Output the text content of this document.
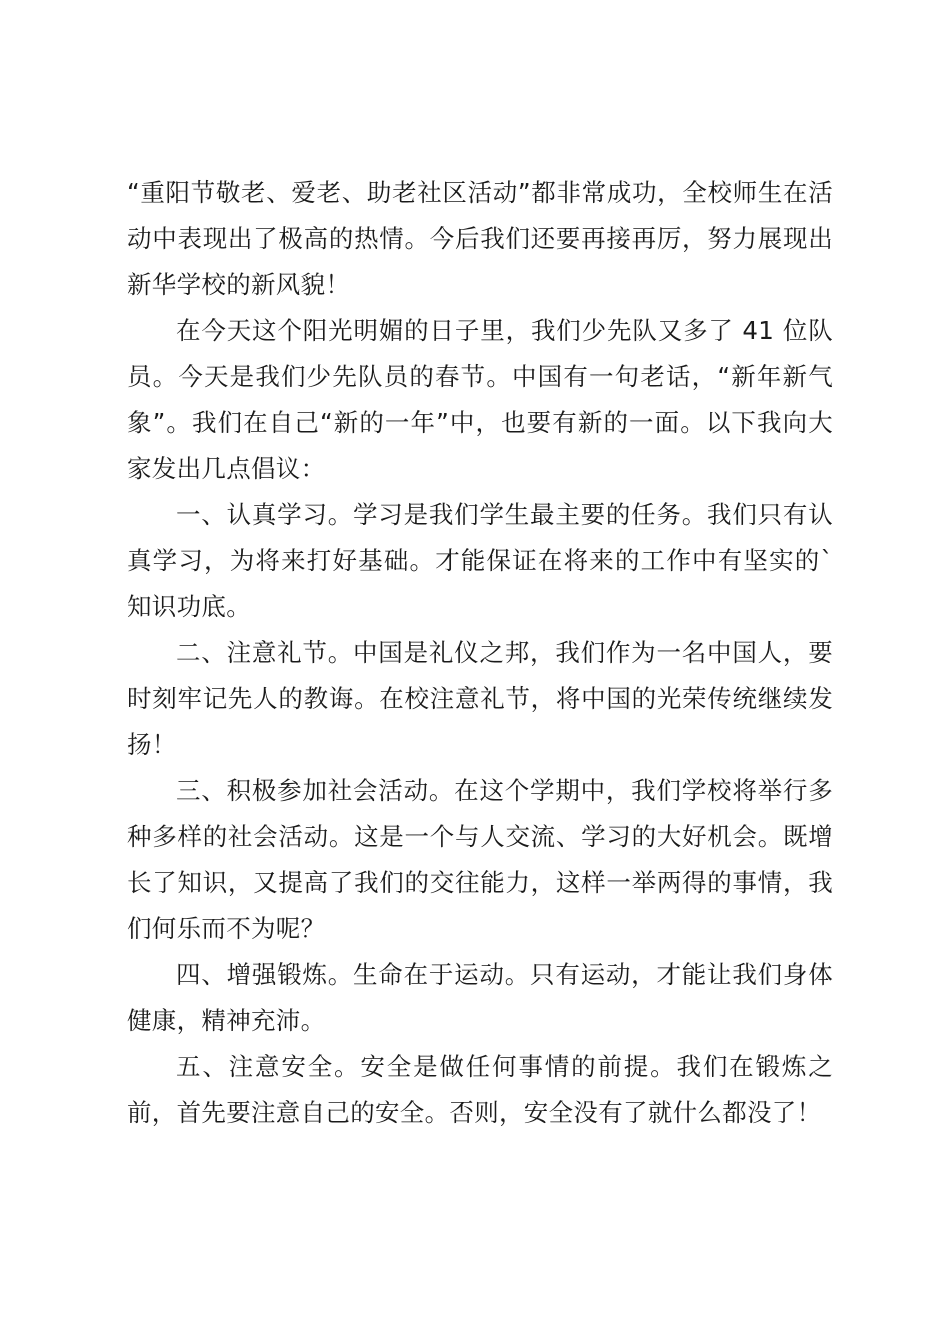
“重阳节敬老、爱老、助老社区活动”都非常成功，全校师生在活动中表现出了极高的热情。今后我们还要再接再厉，努力展现出新华学校的新风貌！

在今天这个阳光明媚的日子里，我们少先队又多了 41 位队员。今天是我们少先队员的春节。中国有一句老话，“新年新气象”。我们在自己“新的一年”中，也要有新的一面。以下我向大家发出几点倡议：

一、认真学习。学习是我们学生最主要的任务。我们只有认真学习，为将来打好基础。才能保证在将来的工作中有坚实的`知识功底。

二、注意礼节。中国是礼仪之邦，我们作为一名中国人，要时刻牢记先人的教诲。在校注意礼节，将中国的光荣传统继续发扬！

三、积极参加社会活动。在这个学期中，我们学校将举行多种多样的社会活动。这是一个与人交流、学习的大好机会。既增长了知识，又提高了我们的交往能力，这样一举两得的事情，我们何乐而不为呢？

四、增强锻炼。生命在于运动。只有运动，才能让我们身体健康，精神充沛。

五、注意安全。安全是做任何事情的前提。我们在锻炼之前，首先要注意自己的安全。否则，安全没有了就什么都没了！
